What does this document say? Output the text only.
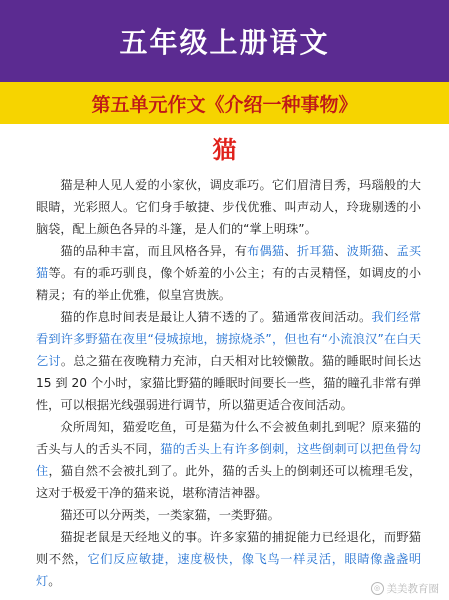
五年级上册语文
第五单元作文《介绍一种事物》
猫

猫是种人见人爱的小家伙，调皮乖巧。它们眉清目秀，玛瑙般的大眼睛，光彩照人。它们身手敏捷、步伐优雅、叫声动人，玲珑剔透的小脑袋，配上颜色各异的斗篷，是人们的“掌上明珠”。

猫的品种丰富，而且风格各异，有布偶猫、折耳猫、波斯猫、孟买猫等。有的乖巧驯良，像个娇羞的小公主；有的古灵精怪，如调皮的小精灵；有的举止优雅，似皇宫贵族。

猫的作息时间表是最让人猜不透的了。猫通常夜间活动。我们经常看到许多野猫在夜里“侵城掠地，掳掠烧杀”，但也有“小流浪汉”在白天乞讨。总之猫在夜晚精力充沛，白天相对比较懒散。猫的睡眠时间长达 15 到 20 个小时，家猫比野猫的睡眠时间要长一些，猫的瞳孔非常有弹性，可以根据光线强弱进行调节，所以猫更适合夜间活动。

众所周知，猫爱吃鱼，可是猫为什么不会被鱼刺扎到呢？原来猫的舌头与人的舌头不同，猫的舌头上有许多倒刺，这些倒刺可以把鱼骨勾住，猫自然不会被扎到了。此外，猫的舌头上的倒刺还可以梳理毛发，这对于极爱干净的猫来说，堪称清洁神器。

猫还可以分两类，一类家猫，一类野猫。

猫捉老鼠是天经地义的事。许多家猫的捕捉能力已经退化，而野猫则不然，它们反应敏捷，速度极快，像飞鸟一样灵活，眼睛像盏盏明灯。	◎ 美美教育圈
